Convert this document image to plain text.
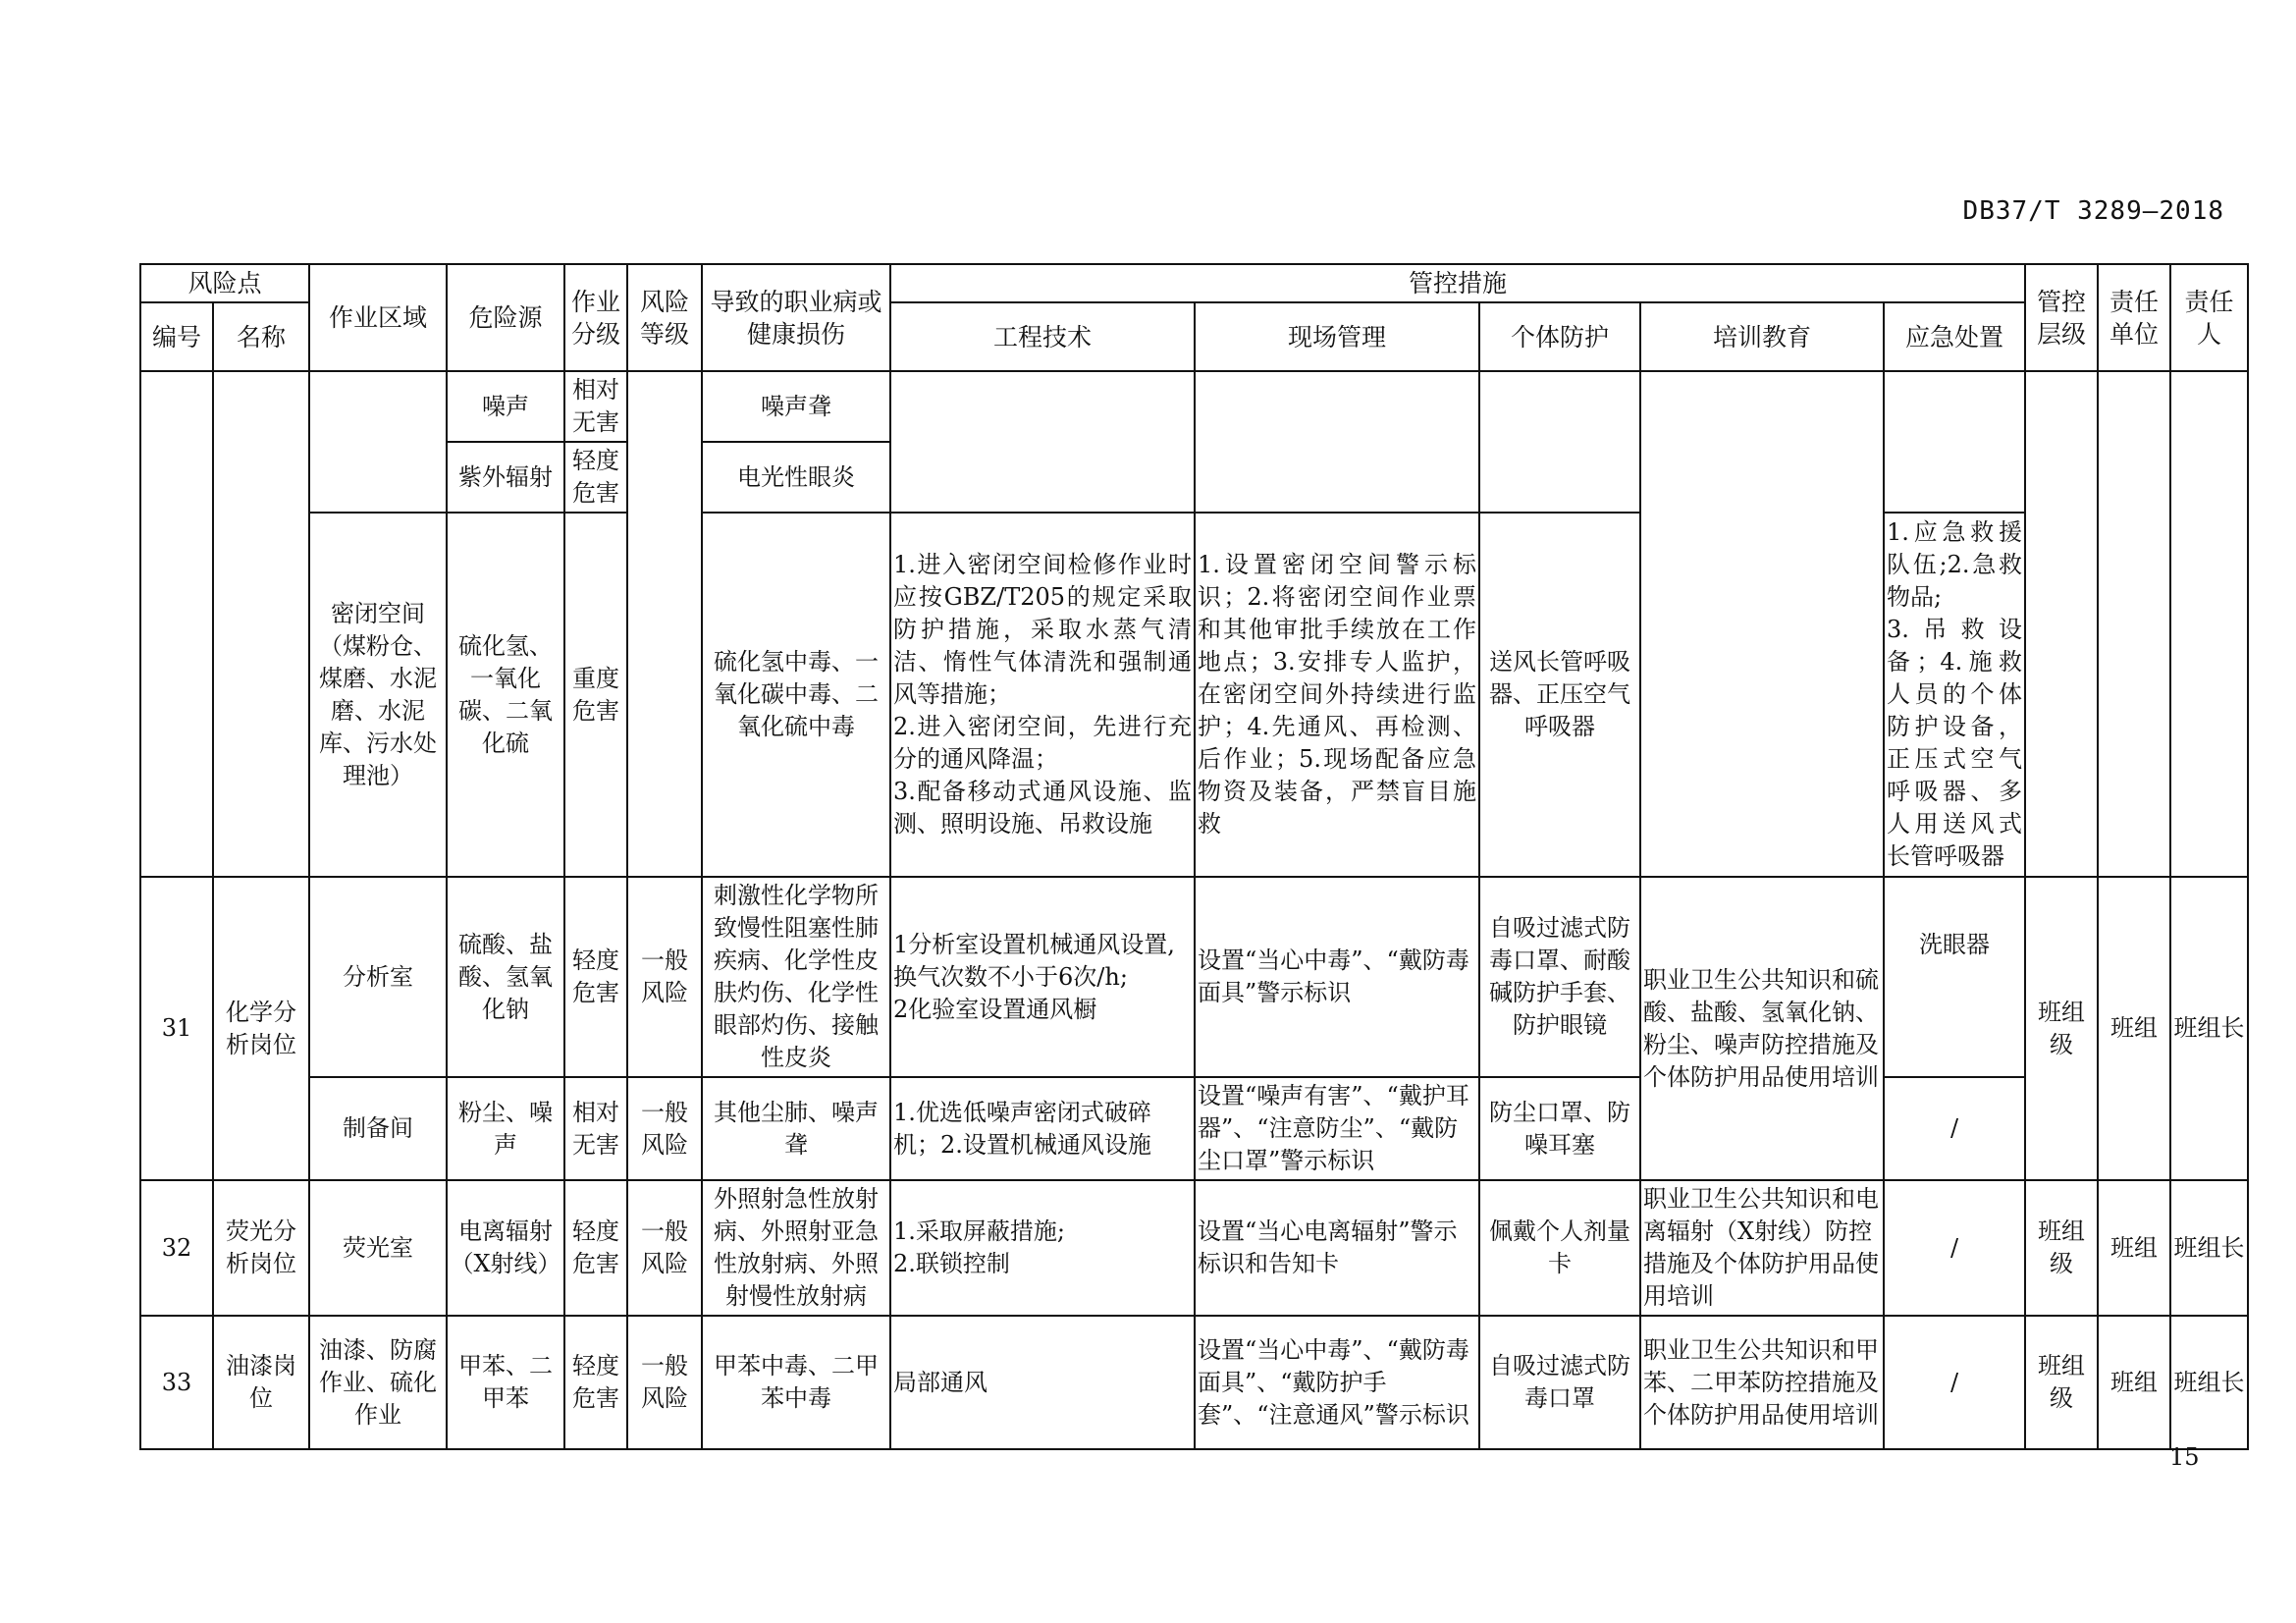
DB37/T 3289—2018
风险点		作业区域	危险源	作业分级	风险等级	导致的职业病或健康损伤	管控措施					管控层级	责任单位	责任人
编号	名称						工程技术	现场管理	个体防护	培训教育	应急处置			
			噪声	相对无害		噪声聋								
			紫外辐射	轻度危害		电光性眼炎								
		密闭空间（煤粉仓、煤磨、水泥磨、水泥库、污水处理池）	硫化氢、一氧化碳、二氧化硫	重度危害		硫化氢中毒、一氧化碳中毒、二氧化硫中毒	1.进入密闭空间检修作业时应按GBZ/T205的规定采取防护措施，采取水蒸气清洁、惰性气体清洗和强制通风等措施；
2.进入密闭空间，先进行充分的通风降温；
3.配备移动式通风设施、监测、照明设施、吊救设施	1.设置密闭空间警示标识；2.将密闭空间作业票和其他审批手续放在工作地点；3.安排专人监护，在密闭空间外持续进行监护；4.先通风、再检测、后作业；5.现场配备应急物资及装备，严禁盲目施救	送风长管呼吸器、正压空气呼吸器		1.应急救援队伍;2.急救物品;
3.吊救设备；4.施救人员的个体防护设备，正压式空气呼吸器、多人用送风式长管呼吸器			
31	化学分析岗位	分析室	硫酸、盐酸、氢氧化钠	轻度危害	一般风险	刺激性化学物所致慢性阻塞性肺疾病、化学性皮肤灼伤、化学性眼部灼伤、接触性皮炎	1分析室设置机械通风设置,换气次数不小于6次/h;
2化验室设置通风橱	设置“当心中毒”、“戴防毒面具”警示标识	自吸过滤式防毒口罩、耐酸碱防护手套、防护眼镜	职业卫生公共知识和硫酸、盐酸、氢氧化钠、粉尘、噪声防控措施及个体防护用品使用培训	洗眼器	班组级	班组	班组长
		制备间	粉尘、噪声	相对无害	一般风险	其他尘肺、噪声聋	1.优选低噪声密闭式破碎机；2.设置机械通风设施	设置“噪声有害”、“戴护耳器”、“注意防尘”、“戴防尘口罩”警示标识	防尘口罩、防噪耳塞		/			
32	荧光分析岗位	荧光室	电离辐射（X射线）	轻度危害	一般风险	外照射急性放射病、外照射亚急性放射病、外照射慢性放射病	1.采取屏蔽措施;
2.联锁控制	设置“当心电离辐射”警示标识和告知卡	佩戴个人剂量卡	职业卫生公共知识和电离辐射（X射线）防控措施及个体防护用品使用培训	/	班组级	班组	班组长
33	油漆岗位	油漆、防腐作业、硫化作业	甲苯、二甲苯	轻度危害	一般风险	甲苯中毒、二甲苯中毒	局部通风	设置“当心中毒”、“戴防毒面具”、“戴防护手套”、“注意通风”警示标识	自吸过滤式防毒口罩	职业卫生公共知识和甲苯、二甲苯防控措施及个体防护用品使用培训	/	班组级	班组	班组长
15
